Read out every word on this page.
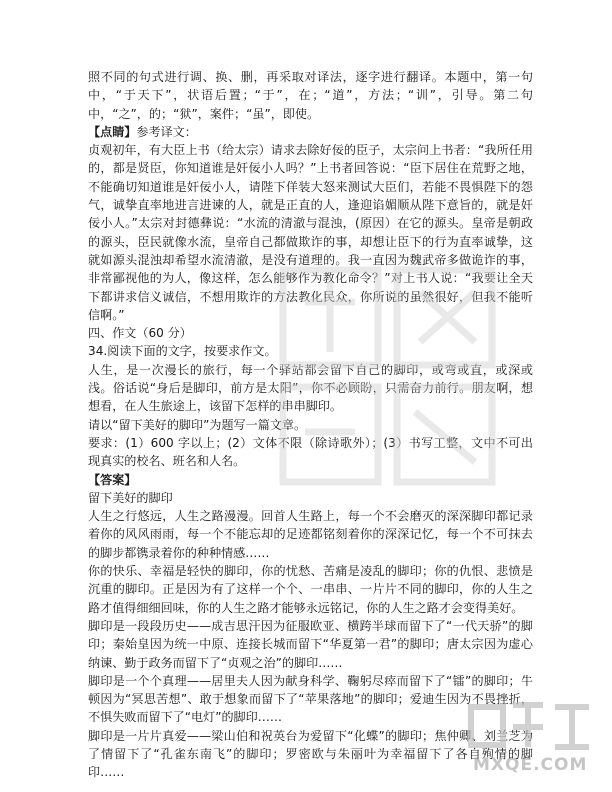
照不同的句式进行调、换、删，再采取对译法，逐字进行翻译。本题中，第一句中，“于天下”，状语后置；“于”，在；“道”，方法；“训”，引导。第二句中，“之”，的；“狱”，案件；“虽”，即使。

【点睛】参考译文：

贞观初年，有大臣上书（给太宗）请求去除好佞的臣子，太宗问上书者：“我所任用的，都是贤臣，你知道谁是奸佞小人吗？”上书者回答说：“臣下居住在荒野之地，不能确切知道谁是奸佞小人，请陛下佯装大怒来测试大臣们，若能不畏惧陛下的怨气，诚挚直率地进言进谏的人，就是正直的人，逢迎谄媚顺从陛下意旨的，就是奸佞小人。”太宗对封德彝说：“水流的清澈与混浊，(原因）在它的源头。皇帝是朝政的源头，臣民就像水流，皇帝自己都做欺诈的事，却想让臣下的行为直率诚挚，这就如源头混浊却希望水流清澈，是没有道理的。我一直因为魏武帝多做诡诈的事，非常鄙视他的为人，像这样，怎么能够作为教化命令？”对上书人说：“我要让全天下都讲求信义诚信，不想用欺诈的方法教化民众，你所说的虽然很好，但我不能听信啊。”

四、作文（60 分）

34.阅读下面的文字，按要求作文。

人生，是一次漫长的旅行，每一个驿站都会留下自己的脚印，或弯或直，或深或浅。俗话说“身后是脚印，前方是太阳”，你不必顾盼，只需奋力前行。朋友啊，想想看，在人生旅途上，该留下怎样的串串脚印。

请以“留下美好的脚印”为题写一篇文章。

要求：(1）600 字以上；(2）文体不限（除诗歌外）；(3）书写工整，文中不可出现真实的校名、班名和人名。

【答案】

留下美好的脚印

人生之行悠远，人生之路漫漫。回首人生路上，每一个不会磨灭的深深脚印都记录着你的风风雨雨，每一个不能忘却的足迹都铭刻着你的深深记忆，每一个不可抹去的脚步都镌录着你的种种情感……

你的快乐、幸福是轻快的脚印，你的忧愁、苦痛是凌乱的脚印；你的仇恨、悲愤是沉重的脚印。正是因为有了这样一个个、一串串、一片片不同的脚印，你的人生之路才值得细细回味，你的人生之路才能够永远铭记，你的人生之路才会变得美好。

脚印是一段段历史——成吉思汗因为征服欧亚、横跨半球而留下了“一代天骄”的脚印；秦始皇因为统一中原、连接长城而留下“华夏第一君”的脚印；唐太宗因为虚心纳谏、勤于政务而留下了“贞观之治”的脚印……

脚印是一个个真理——居里夫人因为献身科学、鞠躬尽瘁而留下了“镭”的脚印；牛顿因为“冥思苦想”、敢于想象而留下了“苹果落地”的脚印；爱迪生因为不畏挫折，不惧失败而留下了“电灯”的脚印……

脚印是一片片真爱——梁山伯和祝英台为爱留下“化蝶”的脚印；焦仲卿、刘兰芝为了情留下了“孔雀东南飞”的脚印；罗密欧与朱丽叶为幸福留下了各自殉情的脚印……	MXQE.COM
